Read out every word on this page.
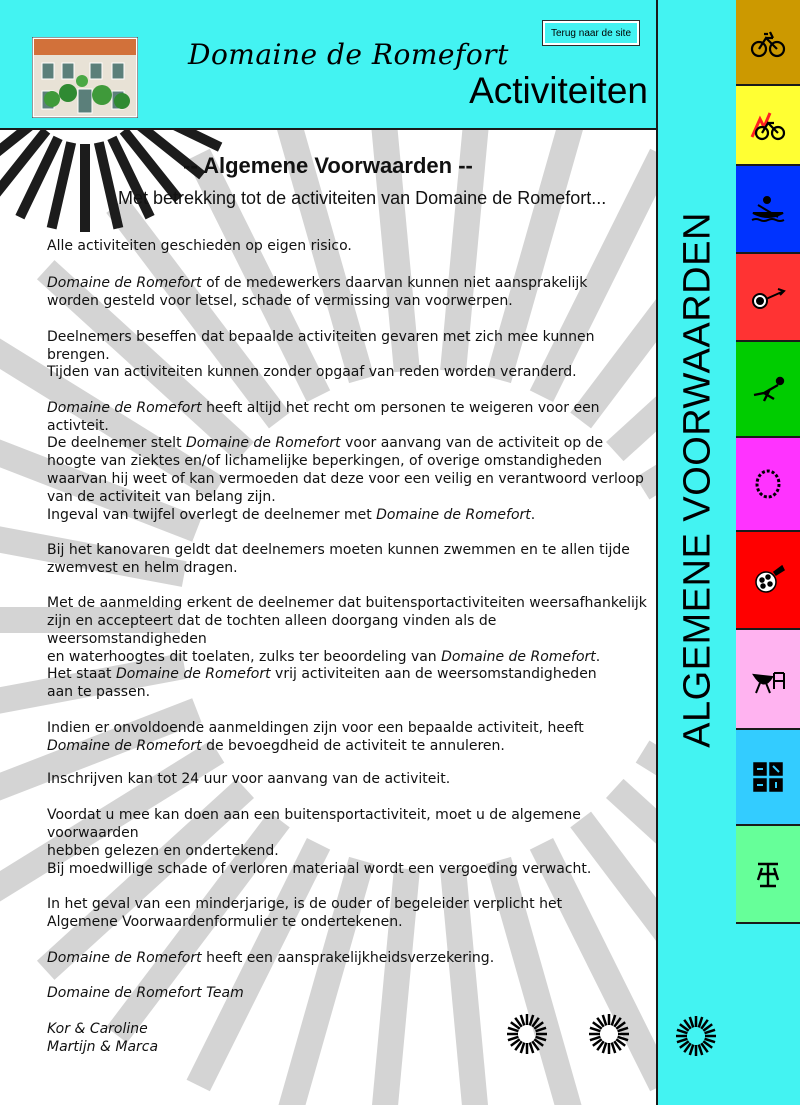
Domaine de Romefort
Activiteiten
Terug naar de site
ALGEMENE VOORWAARDEN
-- Algemene Voorwaarden --
Met betrekking tot de activiteiten van Domaine de Romefort...
Alle activiteiten geschieden op eigen risico.
Domaine de Romefort of de medewerkers daarvan kunnen niet aansprakelijk
worden gesteld voor letsel, schade of vermissing van voorwerpen.
Deelnemers beseffen dat bepaalde activiteiten gevaren met zich mee kunnen brengen.
Tijden van activiteiten kunnen zonder opgaaf van reden worden veranderd.
Domaine de Romefort heeft altijd het recht om personen te weigeren voor een activteit.
De deelnemer stelt Domaine de Romefort voor aanvang van de activiteit op de
hoogte van ziektes en/of lichamelijke beperkingen, of overige omstandigheden
waarvan hij weet of kan vermoeden dat deze voor een veilig en verantwoord verloop
van de activiteit van belang zijn.
Ingeval van twijfel overlegt de deelnemer met Domaine de Romefort.
Bij het kanovaren geldt dat deelnemers moeten kunnen zwemmen en te allen tijde
zwemvest en helm dragen.
Met de aanmelding erkent de deelnemer dat buitensportactiviteiten weersafhankelijk
zijn en accepteert dat de tochten alleen doorgang vinden als de weersomstandigheden
en waterhoogtes dit toelaten, zulks ter beoordeling van Domaine de Romefort.
Het staat Domaine de Romefort vrij activiteiten aan de weersomstandigheden
aan te passen.
Indien er onvoldoende aanmeldingen zijn voor een bepaalde activiteit, heeft
Domaine de Romefort de bevoegdheid de activiteit te annuleren.
Inschrijven kan tot 24 uur voor aanvang van de activiteit.
Voordat u mee kan doen aan een buitensportactiviteit, moet u de algemene voorwaarden
hebben gelezen en ondertekend.
Bij moedwillige schade of verloren materiaal wordt een vergoeding verwacht.
In het geval van een minderjarige, is de ouder of begeleider verplicht het
Algemene Voorwaardenformulier te ondertekenen.
Domaine de Romefort heeft een aansprakelijkheidsverzekering.
Domaine de Romefort Team
Kor & Caroline
Martijn & Marca
